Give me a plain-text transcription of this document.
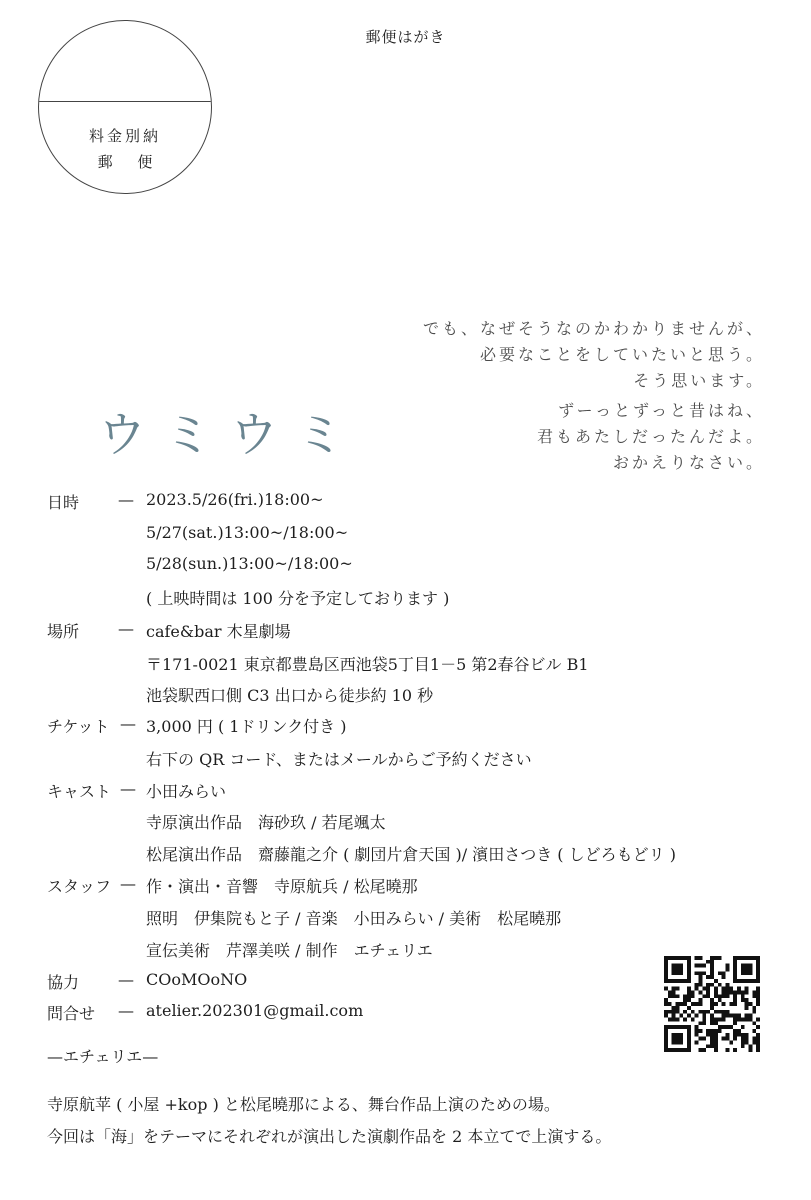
郵便はがき
料金別納
郵 便
でも、なぜそうなのかわかりませんが、
必要なことをしていたいと思う。
そう思います。
ずーっとずっと昔はね、
君もあたしだったんだよ。
おかえりなさい。
ウミウミ
日時 — 2023.5/26(fri.)18:00~
5/27(sat.)13:00~/18:00~
5/28(sun.)13:00~/18:00~
( 上映時間は 100 分を予定しております )
場所 — cafe&bar 木星劇場
〒171-0021 東京都豊島区西池袋5丁目1－5 第2春谷ビル B1
池袋駅西口側 C3 出口から徒歩約 10 秒
チケット — 3,000 円 ( 1ドリンク付き )
右下の QR コード、またはメールからご予約ください
キャスト — 小田みらい
寺原演出作品　海砂玖 / 若尾颯太
松尾演出作品　齋藤龍之介 ( 劇団片倉天国 )/ 濱田さつき ( しどろもどリ )
スタッフ — 作・演出・音響　寺原航兵 / 松尾曉那
照明　伊集院もと子 / 音楽　小田みらい / 美術　松尾曉那
宣伝美術　芹澤美咲 / 制作　エチェリエ
協力 — COoMOoNO
問合せ — atelier.202301@gmail.com
—エチェリエ—
寺原航苹 ( 小屋 +kop ) と松尾曉那による、舞台作品上演のための場。
今回は「海」をテーマにそれぞれが演出した演劇作品を 2 本立てで上演する。
